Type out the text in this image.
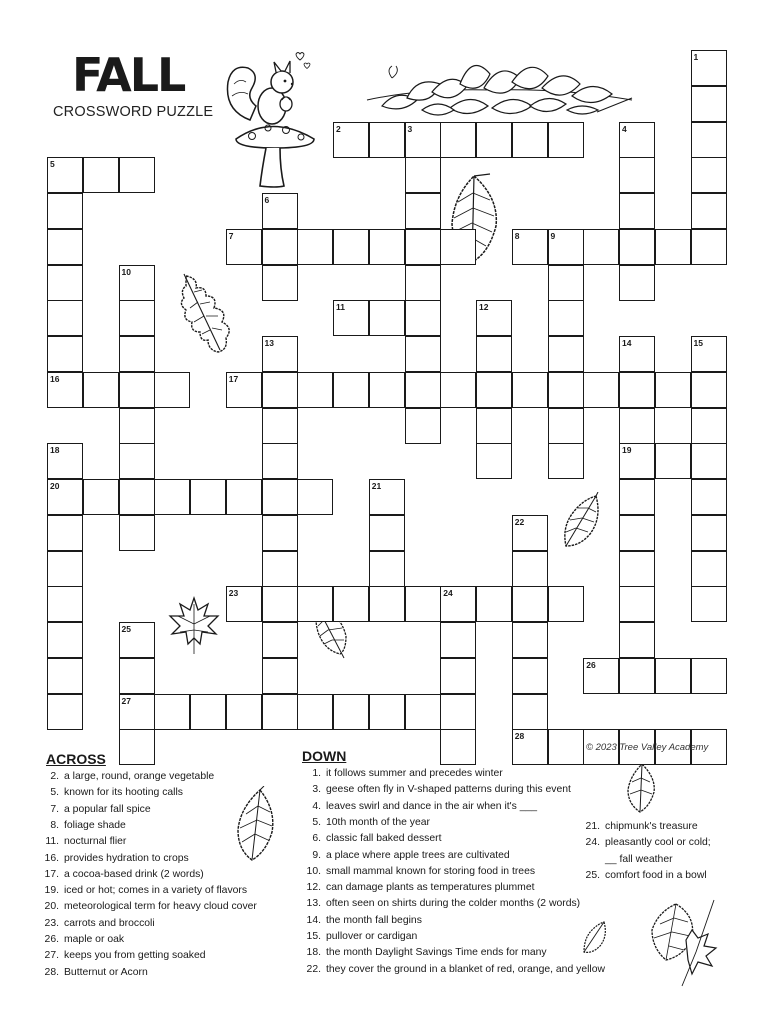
FALL
CROSSWORD PUZZLE
1
2	3	4
5
6
7	8	9
10
11	12
13	14	15
16	17
18	19
20	21
22
23	24
25
26
27
28
© 2023 Tree Valley Academy
ACROSS	DOWN
2. a large, round, orange vegetable
5. known for its hooting calls
7. a popular fall spice
8. foliage shade
11. nocturnal flier
16. provides hydration to crops
17. a cocoa-based drink (2 words)
19. iced or hot; comes in a variety of flavors
20. meteorological term for heavy cloud cover
23. carrots and broccoli
26. maple or oak
27. keeps you from getting soaked
28. Butternut or Acorn
1. it follows summer and precedes winter
3. geese often fly in V-shaped patterns during this event
4. leaves swirl and dance in the air when it's ___
5. 10th month of the year
6. classic fall baked dessert
9. a place where apple trees are cultivated
10. small mammal known for storing food in trees
12. can damage plants as temperatures plummet
13. often seen on shirts during the colder months (2 words)
14. the month fall begins
15. pullover or cardigan
18. the month Daylight Savings Time ends for many
22. they cover the ground in a blanket of red, orange, and yellow
21. chipmunk's treasure
24. pleasantly cool or cold;
__ fall weather
25. comfort food in a bowl
